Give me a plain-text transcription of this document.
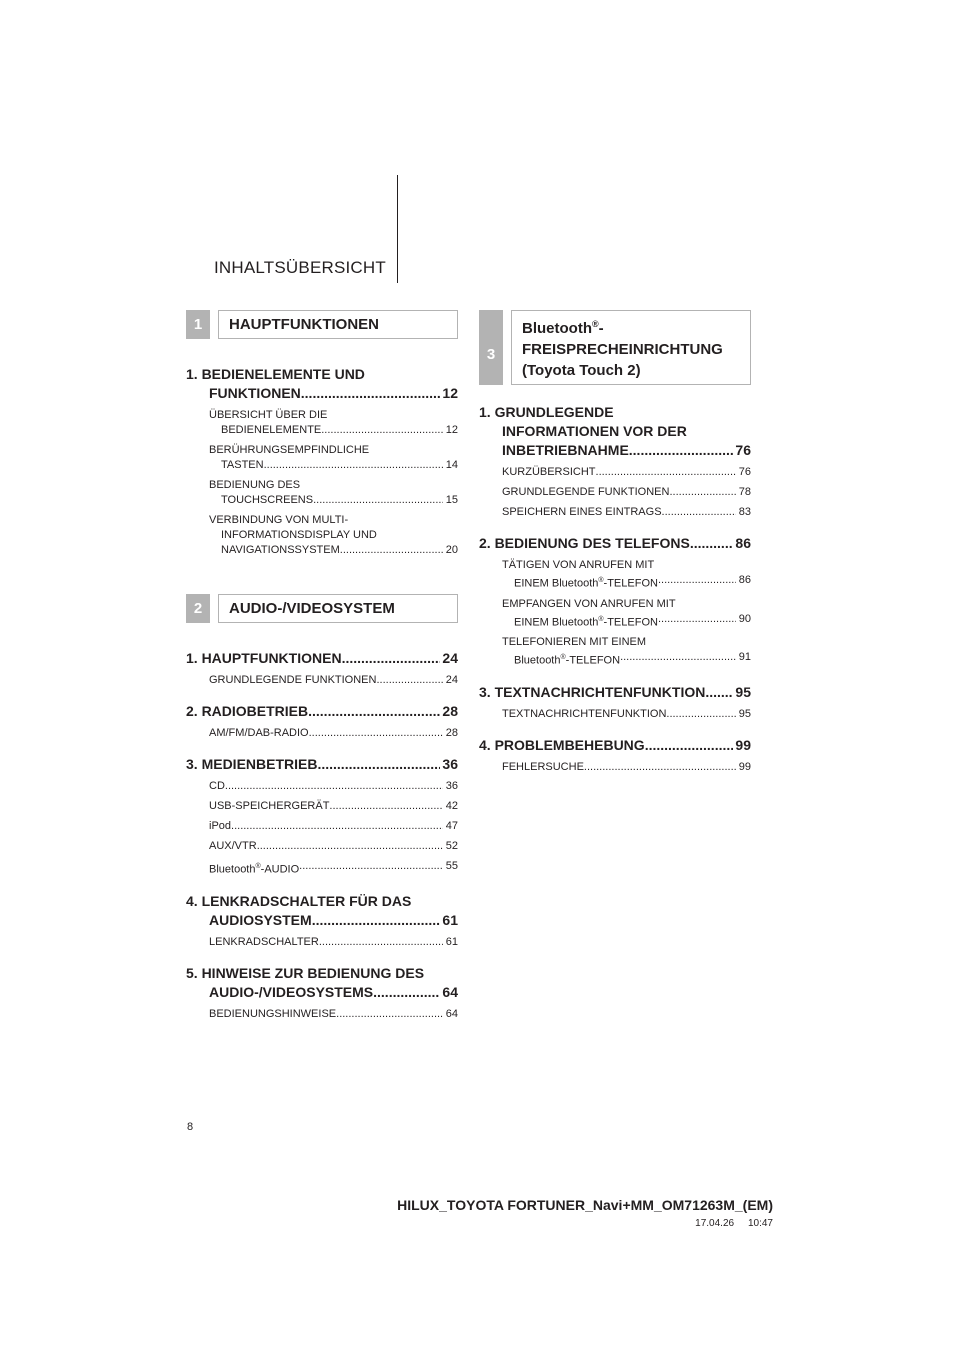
INHALTSÜBERSICHT
1	HAUPTFUNKTIONEN
1. BEDIENELEMENTE UND
FUNKTIONEN .....	12
ÜBERSICHT ÜBER DIE
BEDIENELEMENTE .....	12
BERÜHRUNGSEMPFINDLICHE
TASTEN .....	14
BEDIENUNG DES
TOUCHSCREENS .....	15
VERBINDUNG VON MULTI-
INFORMATIONSDISPLAY UND
NAVIGATIONSSYSTEM .....	20
2	AUDIO-/VIDEOSYSTEM
1. HAUPTFUNKTIONEN .....	24
GRUNDLEGENDE FUNKTIONEN .....	24
2. RADIOBETRIEB .....	28
AM/FM/DAB-RADIO .....	28
3. MEDIENBETRIEB .....	36
CD .....	36
USB-SPEICHERGERÄT .....	42
iPod .....	47
AUX/VTR .....	52
Bluetooth®-AUDIO .....	55
4. LENKRADSCHALTER FÜR DAS
AUDIOSYSTEM .....	61
LENKRADSCHALTER .....	61
5. HINWEISE ZUR BEDIENUNG DES
AUDIO-/VIDEOSYSTEMS .....	64
BEDIENUNGSHINWEISE .....	64
3
Bluetooth®-
FREISPRECHEINRICHTUNG
(Toyota Touch 2)
1. GRUNDLEGENDE
INFORMATIONEN VOR DER
INBETRIEBNAHME .....	76
KURZÜBERSICHT .....	76
GRUNDLEGENDE FUNKTIONEN .....	78
SPEICHERN EINES EINTRAGS .....	83
2. BEDIENUNG DES TELEFONS .....	86
TÄTIGEN VON ANRUFEN MIT
EINEM Bluetooth®-TELEFON .....	86
EMPFANGEN VON ANRUFEN MIT
EINEM Bluetooth®-TELEFON .....	90
TELEFONIEREN MIT EINEM
Bluetooth®-TELEFON .....	91
3. TEXTNACHRICHTENFUNKTION ..... 95
TEXTNACHRICHTENFUNKTION .....	95
4. PROBLEMBEHEBUNG .....	99
FEHLERSUCHE .....	99
8
HILUX_TOYOTA FORTUNER_Navi+MM_OM71263M_(EM)
17.04.26     10:47
